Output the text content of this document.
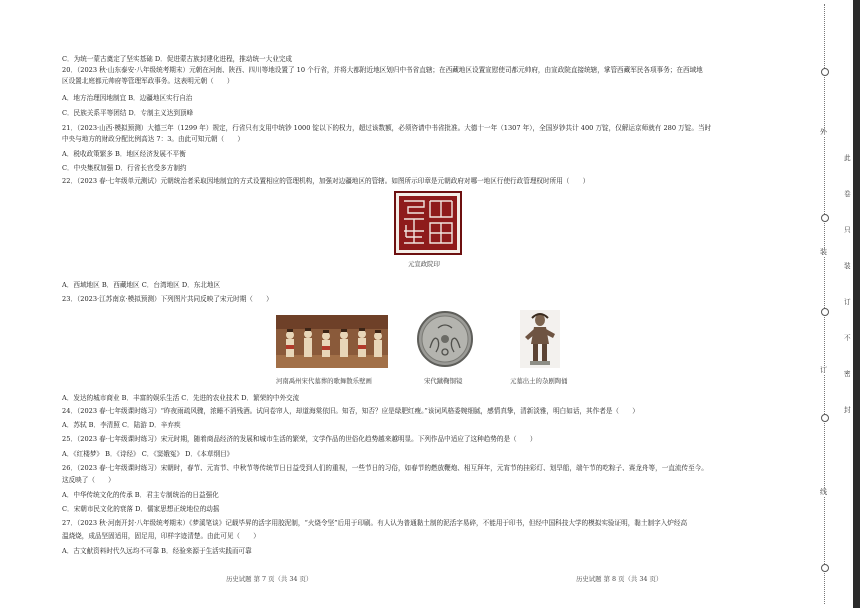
C．为统一蒙古奠定了坚实基础 D．促进蒙古族封建化进程，推动统一大业完成
20．（2023 秋·山东泰安·八年级统考期末）元朝在河南、陕西、四川等地设置了 10 个行省，并将大都附近地区划归中书省直辖；在西藏地区设置宣慰使司都元帅府，由宣政院直接统辖，掌管西藏军民各项事务；在西域地
区设置北庭都元帅府等管理军政事务。这表明元朝（　　）
A．地方治理因地制宜 B．边疆地区实行自治
C．民族关系平等团结 D．专制主义达到顶峰
21．（2023·山西·模拟预测）大德三年（1299 年）规定，行省只有支用中统钞 1000 锭以下的权力，超过该数额，必须咨请中书省批准。大德十一年（1307 年），全国岁钞共计 400 万锭，仅解运京师就有 280 万锭。当时
中央与地方的财政分配比例高达 7：3。由此可知元朝（　　）
A．税收政策繁多 B．地区经济发展不平衡
C．中央集权加强 D．行省长官受多方制约
22．（2023 春·七年级单元测试）元朝统治者采取因地制宜的方式设置相应的管理机构，加强对边疆地区的管辖。如图所示印章是元朝政府对哪一地区行使行政管理权时所用（　　）
元宣政院印
A．西域地区 B．西藏地区 C．台湾地区 D．东北地区
23．（2023·江苏南京·模拟预测）下列图片共同反映了宋元时期（　　）
河南禹州宋代墓葬的歌舞散乐壁画	宋代蹴鞠铜镜	元墓出土的杂剧陶俑
A．发达的城市商业 B．丰富的娱乐生活 C．先进的农业技术 D．繁荣的中外交流
24．（2023 春·七年级课时练习）“昨夜雨疏风骤，浓睡不消残酒。试问卷帘人，却道海棠依旧。知否，知否？应是绿肥红瘦。”该词风格委婉细腻，感情真挚，清新淡雅，明白如话，其作者是（　　）
A．苏轼 B．李清照 C．陆游 D．辛弃疾
25．（2023 春·七年级课时练习）宋元时期，随着商品经济的发展和城市生活的繁荣，文学作品的世俗化趋势越来越明显。下列作品中适应了这种趋势的是（　　）
A．《红楼梦》 B．《诗经》 C．《窦娥冤》 D．《本草纲目》
26．（2023 春·七年级课时练习）宋朝时，春节、元宵节、中秋节等传统节日日益受到人们的重视，一些节日的习俗，如春节的燃放鞭炮、相互拜年，元宵节的挂彩灯、划旱船，端午节的吃粽子、赛龙舟等，一直流传至今。
这反映了（　　）
A．中华传统文化的传承 B．君主专制统治的日益强化
C．宋朝市民文化的衰落 D．儒家思想正统地位的动摇
27．（2023 秋·河南开封·八年级统考期末）《梦溪笔谈》记载毕昇的活字用胶泥制，“火烧令坚”后用于印刷。有人认为普通黏土制的泥活字易碎，不能用于印书，但经中国科技大学的模拟实验证明，黏土制字入炉经高
温烧烧，成品坚固适用，固足用，印样字迹清楚。由此可见（　　）
A．古文献资料时代久远均不可靠 B．经验来源于生活实践而可靠
历史试题 第 7 页（共 34 页）	历史试题 第 8 页（共 34 页）
外
装
订
线
此
卷
只
装
订
不
密
封
